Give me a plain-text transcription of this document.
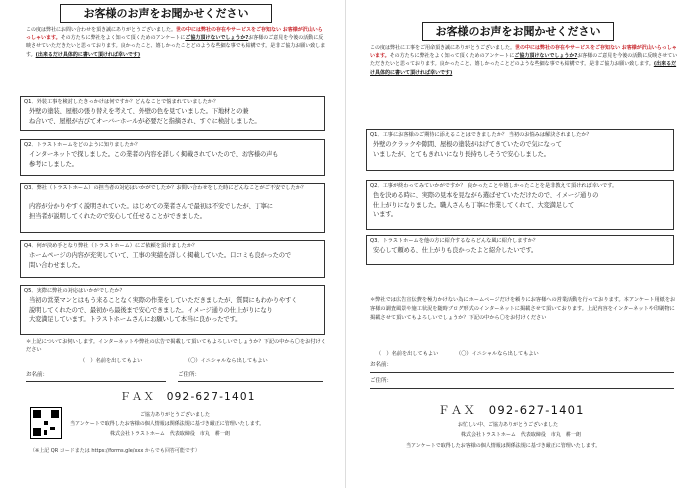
お客様のお声をお聞かせください
この度は弊社にお問い合わせを頂き誠にありがとうございました。世の中には弊社の存在やサービスをご存知ない お客様が沢山いらっしゃいます。その方たちに弊社をよく知って頂くためのアンケートにご協力頂けないでしょうか?お客様のご意見を今後の活動に反映させていただきたいと思っております。良かったこと、嬉しかったことどのような些細な事でも結構です。是非ご協力お願い致します。(出来るだけ具体的に書いて頂ければ幸いです)
Q1．外装工事を検討したきっかけは何ですか？どんなことで悩まれていましたか？
外壁の塗装、屋根の張り替えを考えて、外壁の色を見ていました。下地材との兼
ね合いで、屋根が古びてオーバーホールが必要だと指摘され、すぐに検討しました。
Q2．トラストホームをどのように知りましたか？
インターネットで探しました。この業者の内容を詳しく掲載されていたので、お客様の声も
参考にしました。
Q3．弊社（トラストホーム）の担当者の対応はいかがでしたか？お問い合わせをした時にどんなことがご不安でしたか？
内容が分かりやすく説明されていた。はじめての業者さんで最初は不安でしたが、丁寧に
担当者が説明してくれたので安心して任せることができました。
Q4．何が決め手となり弊社（トラストホーム）にご依頼を頂けましたか？
ホームページの内容が充実していて、工事の実績を詳しく掲載していた。口コミも良かったので
問い合わせました。
Q5．実際に弊社の対応はいかがでしたか？
当初の営業マンとはもう来ることなく実際の作業をしていただきましたが、質問にもわかりやすく
説明してくれたので、最初から最後まで安心できました。イメージ通りの仕上がりになり
大変満足しています。トラストホームさんにお願いして本当に良かったです。
＊上記についてお伺いします。インターネットや弊社の広告で掲載して頂いてもよろしいでしょうか？下記の中から〇をお付けください
（　）名前を出してもよい	（〇）イニシャルなら出してもよい
お名前：	ご住所：
ＦＡＸ　092-627-1401
ご協力ありがとうございました
当アンケートで取得したお客様の個人情報は関係法規に基づき厳正に管理いたします。
株式会社トラストホーム　代表取締役　市丸　耕一朗
（※上記 QR コードまたは https://forms.gle/xxx からでも回答可能です）
お客様のお声をお聞かせください
この度は弊社に工事をご用命頂き誠にありがとうございました。世の中には弊社の存在やサービスをご存知ない お客様が沢山いらっしゃいます。その方たちに弊社をよく知って頂くためのアンケートにご協力頂けないでしょうか?お客様のご意見を今後の活動に反映させていただきたいと思っております。良かったこと、嬉しかったことどのような些細な事でも結構です。是非ご協力お願い致します。(出来るだけ具体的に書いて頂ければ幸いです)
Q1．工事にお客様のご期待に添えることはできましたか？ 当初のお悩みは解決されましたか？
外壁のクラックや隙間、屋根の塗装がはげてきていたので気になって
いましたが、とてもきれいになり長持ちしそうで安心しました。
Q2．工事が終わってみていかがですか？ 良かったことや嬉しかったことを是非教えて頂ければ幸いです。
色を決める時に、実際の見本を見ながら選ばせていただけたので、イメージ通りの
仕上がりになりました。職人さんも丁寧に作業してくれて、大変満足して
います。
Q3．トラストホームを他の方に紹介するならどんな風に紹介しますか？
安心して頼める、仕上がりも良かったよと紹介したいです。
＊弊社では広告宣伝費を極力かけない為にホームページだけを頼りにお客様への営業活動を行っております。本アンケート用紙をお客様の調査風景や施工状況を随時ブログ形式のインターネットに掲載させて頂いております。上記内容をインターネットや印刷物に掲載させて頂いてもよろしいでしょうか？下記の中から〇をお付けください
（　）名前を出してもよい	（〇）イニシャルなら出してもよい
お名前：
ご住所：
ＦＡＸ　092-627-1401
お忙しい中、ご協力ありがとうございました
株式会社トラストホーム　代表取締役　市丸　耕一朗
当アンケートで取得したお客様の個人情報は関係法規に基づき厳正に管理いたします。
